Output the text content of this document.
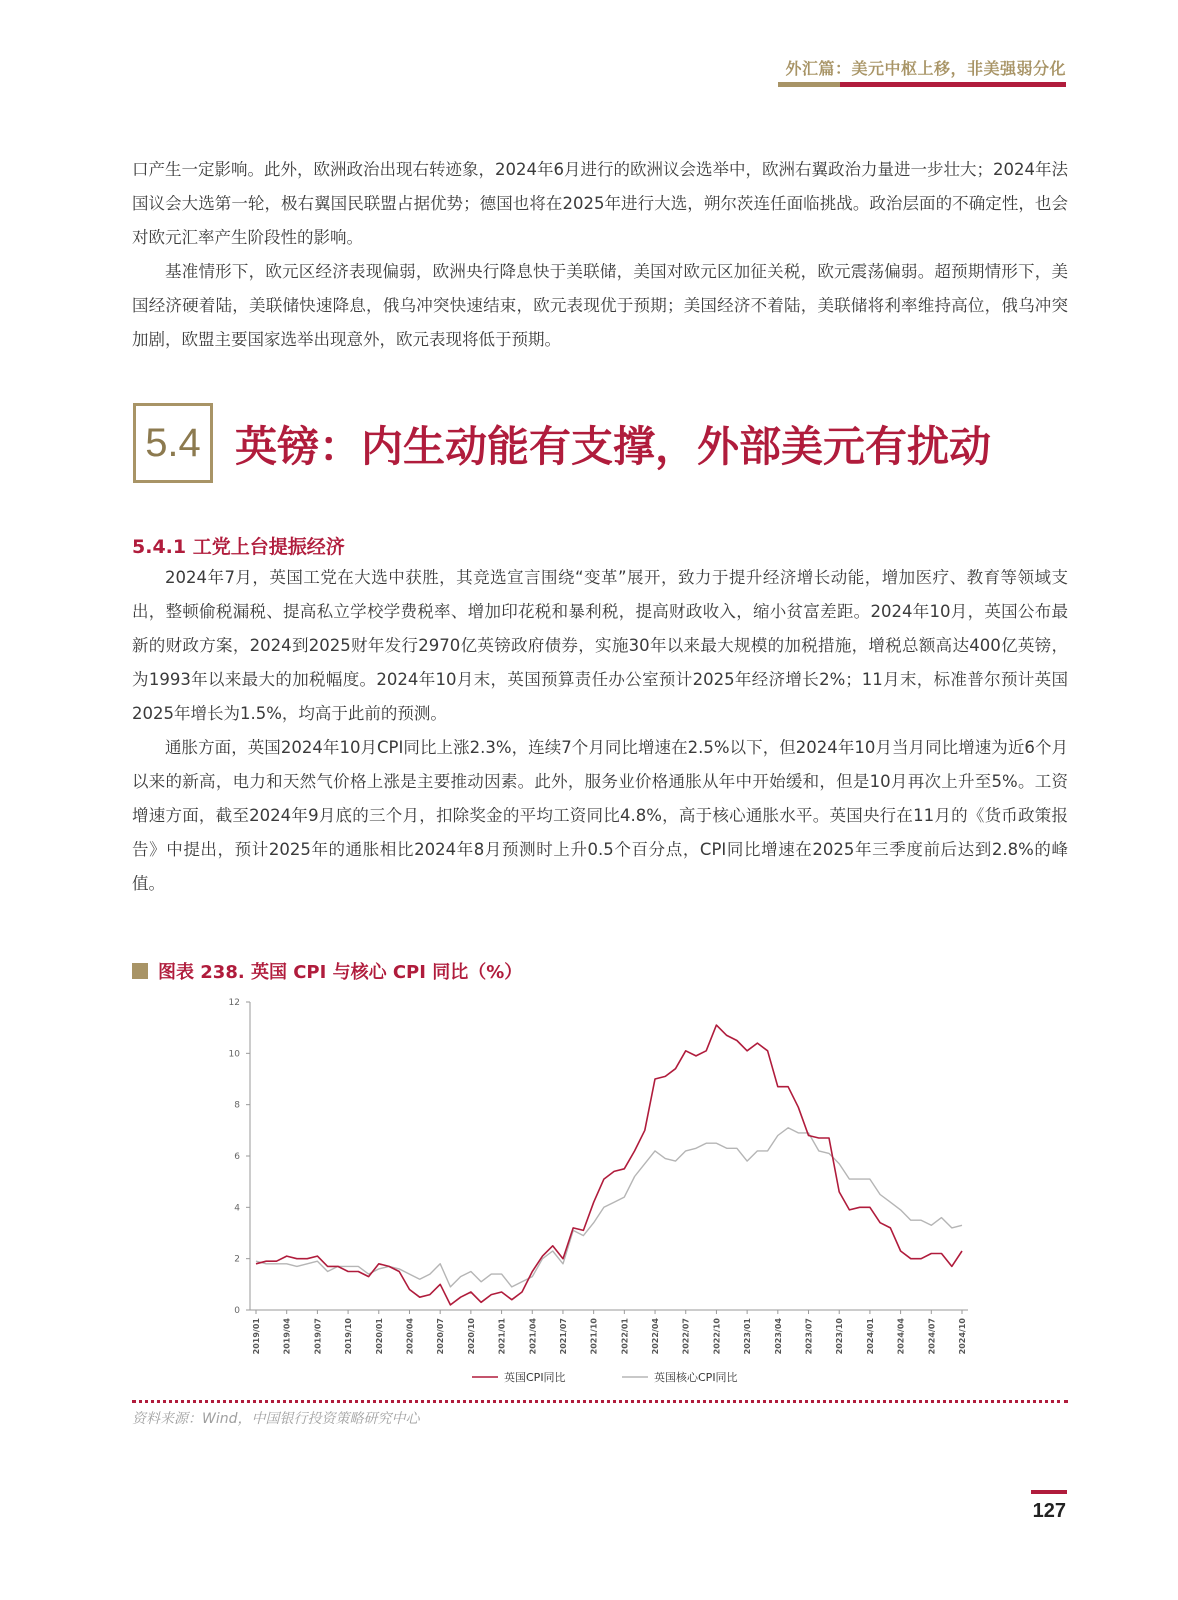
外汇篇：美元中枢上移，非美强弱分化

口产生一定影响。此外，欧洲政治出现右转迹象，2024年6月进行的欧洲议会选举中，欧洲右翼政治力量进一步壮大；2024年法国议会大选第一轮，极右翼国民联盟占据优势；德国也将在2025年进行大选，朔尔茨连任面临挑战。政治层面的不确定性，也会对欧元汇率产生阶段性的影响。

基准情形下，欧元区经济表现偏弱，欧洲央行降息快于美联储，美国对欧元区加征关税，欧元震荡偏弱。超预期情形下，美国经济硬着陆，美联储快速降息，俄乌冲突快速结束，欧元表现优于预期；美国经济不着陆，美联储将利率维持高位，俄乌冲突加剧，欧盟主要国家选举出现意外，欧元表现将低于预期。

5.4 英镑：内生动能有支撑，外部美元有扰动
5.4.1 工党上台提振经济

2024年7月，英国工党在大选中获胜，其竞选宣言围绕“变革”展开，致力于提升经济增长动能，增加医疗、教育等领域支出，整顿偷税漏税、提高私立学校学费税率、增加印花税和暴利税，提高财政收入，缩小贫富差距。2024年10月，英国公布最新的财政方案，2024到2025财年发行2970亿英镑政府债券，实施30年以来最大规模的加税措施，增税总额高达400亿英镑，为1993年以来最大的加税幅度。2024年10月末，英国预算责任办公室预计2025年经济增长2%；11月末，标准普尔预计英国2025年增长为1.5%，均高于此前的预测。

通胀方面，英国2024年10月CPI同比上涨2.3%，连续7个月同比增速在2.5%以下，但2024年10月当月同比增速为近6个月以来的新高，电力和天然气价格上涨是主要推动因素。此外，服务业价格通胀从年中开始缓和，但是10月再次上升至5%。工资增速方面，截至2024年9月底的三个月，扣除奖金的平均工资同比4.8%，高于核心通胀水平。英国央行在11月的《货币政策报告》中提出，预计2025年的通胀相比2024年8月预测时上升0.5个百分点，CPI同比增速在2025年三季度前后达到2.8%的峰值。

图表 238. 英国 CPI 与核心 CPI 同比（%）
0
2
4
6
8
10
12
2019/01	2019/04	2019/07	2019/10	2020/01	2020/04	2020/07	2020/10	2021/01	2021/04	2021/07	2021/10	2022/01	2022/04	2022/07	2022/10	2023/01	2023/04	2023/07	2023/10	2024/01	2024/04	2024/07	2024/10
英国CPI同比	英国核心CPI同比
资料来源：Wind，中国银行投资策略研究中心
127
